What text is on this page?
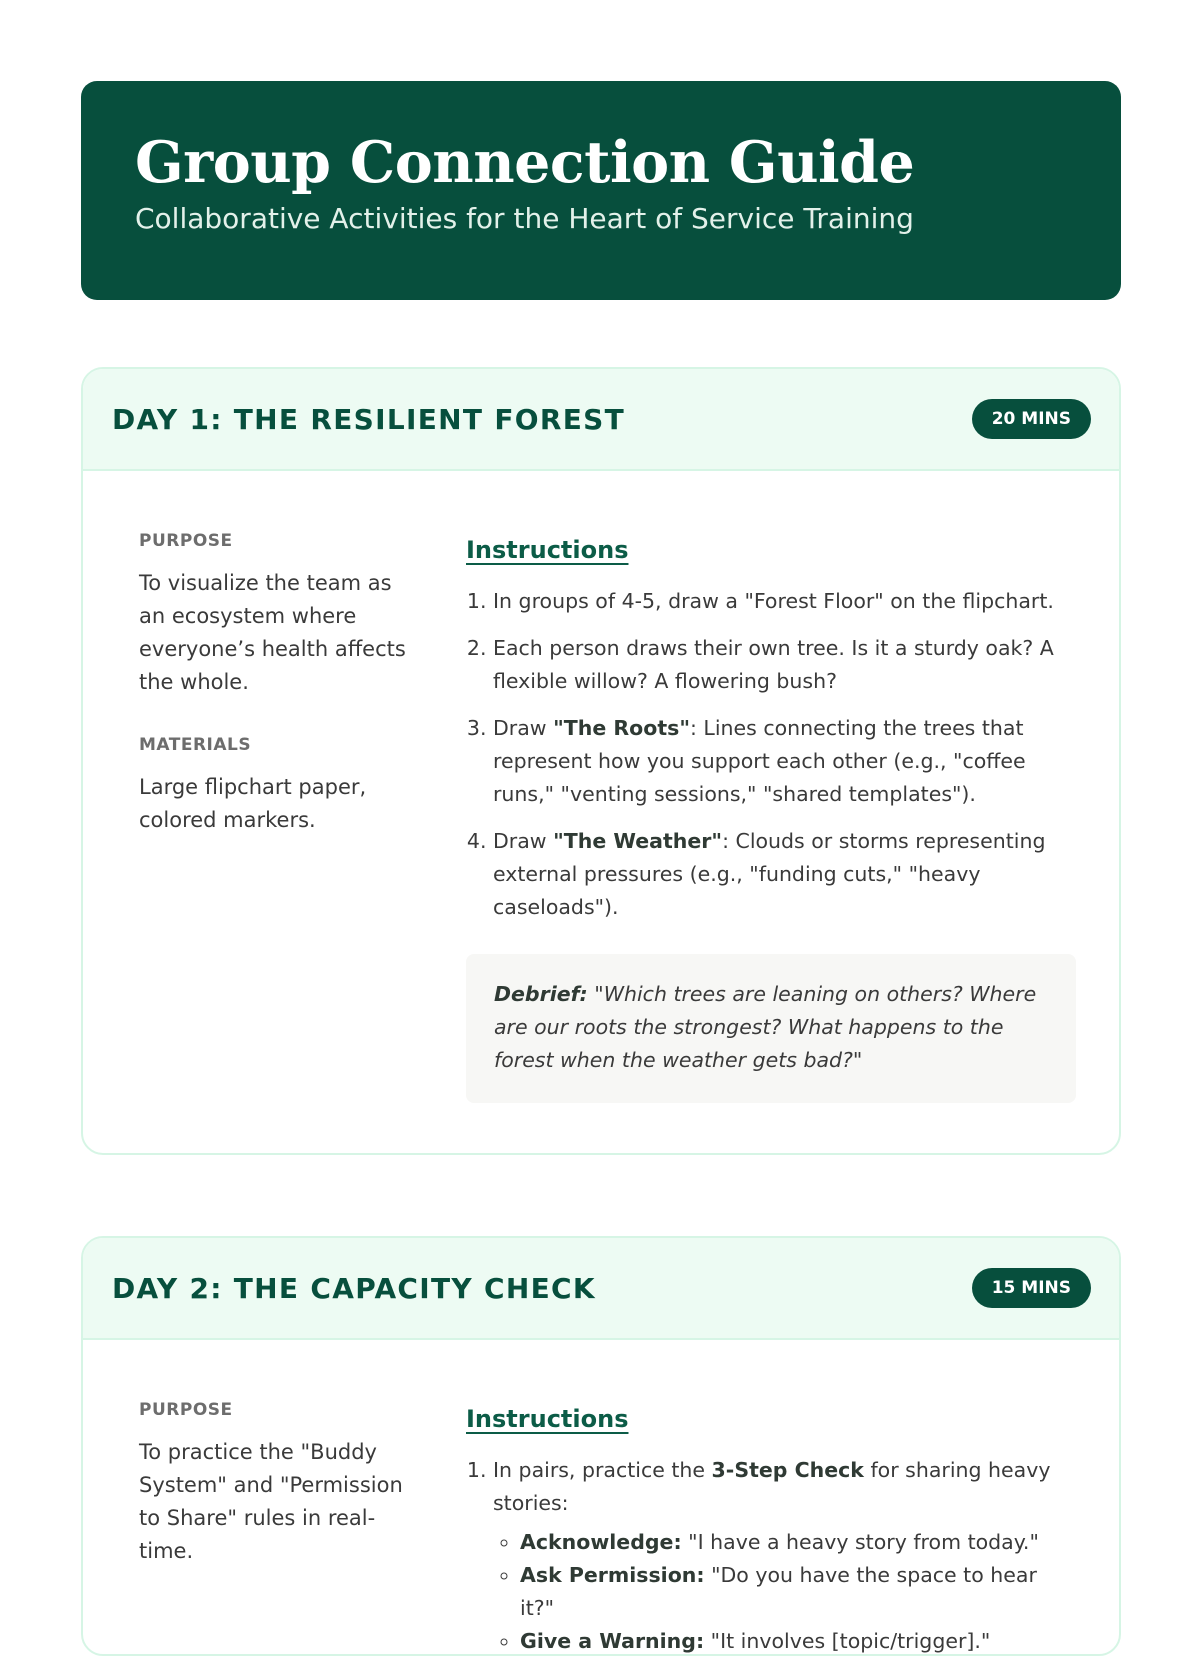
Group Connection Guide
Collaborative Activities for the Heart of Service Training
DAY 1: THE RESILIENT FOREST	20 MINS
PURPOSE
To visualize the team as an ecosystem where everyone’s health affects the whole.
MATERIALS
Large flipchart paper, colored markers.
Instructions
1. In groups of 4-5, draw a "Forest Floor" on the flipchart.
2. Each person draws their own tree. Is it a sturdy oak? A flexible willow? A flowering bush?
3. Draw "The Roots": Lines connecting the trees that represent how you support each other (e.g., "coffee runs," "venting sessions," "shared templates").
4. Draw "The Weather": Clouds or storms representing external pressures (e.g., "funding cuts," "heavy caseloads").
Debrief: "Which trees are leaning on others? Where are our roots the strongest? What happens to the forest when the weather gets bad?"
DAY 2: THE CAPACITY CHECK	15 MINS
PURPOSE
To practice the "Buddy System" and "Permission to Share" rules in real-time.
Instructions
1. In pairs, practice the 3-Step Check for sharing heavy stories:
◦ Acknowledge: "I have a heavy story from today."
◦ Ask Permission: "Do you have the space to hear it?"
◦ Give a Warning: "It involves [topic/trigger]."
